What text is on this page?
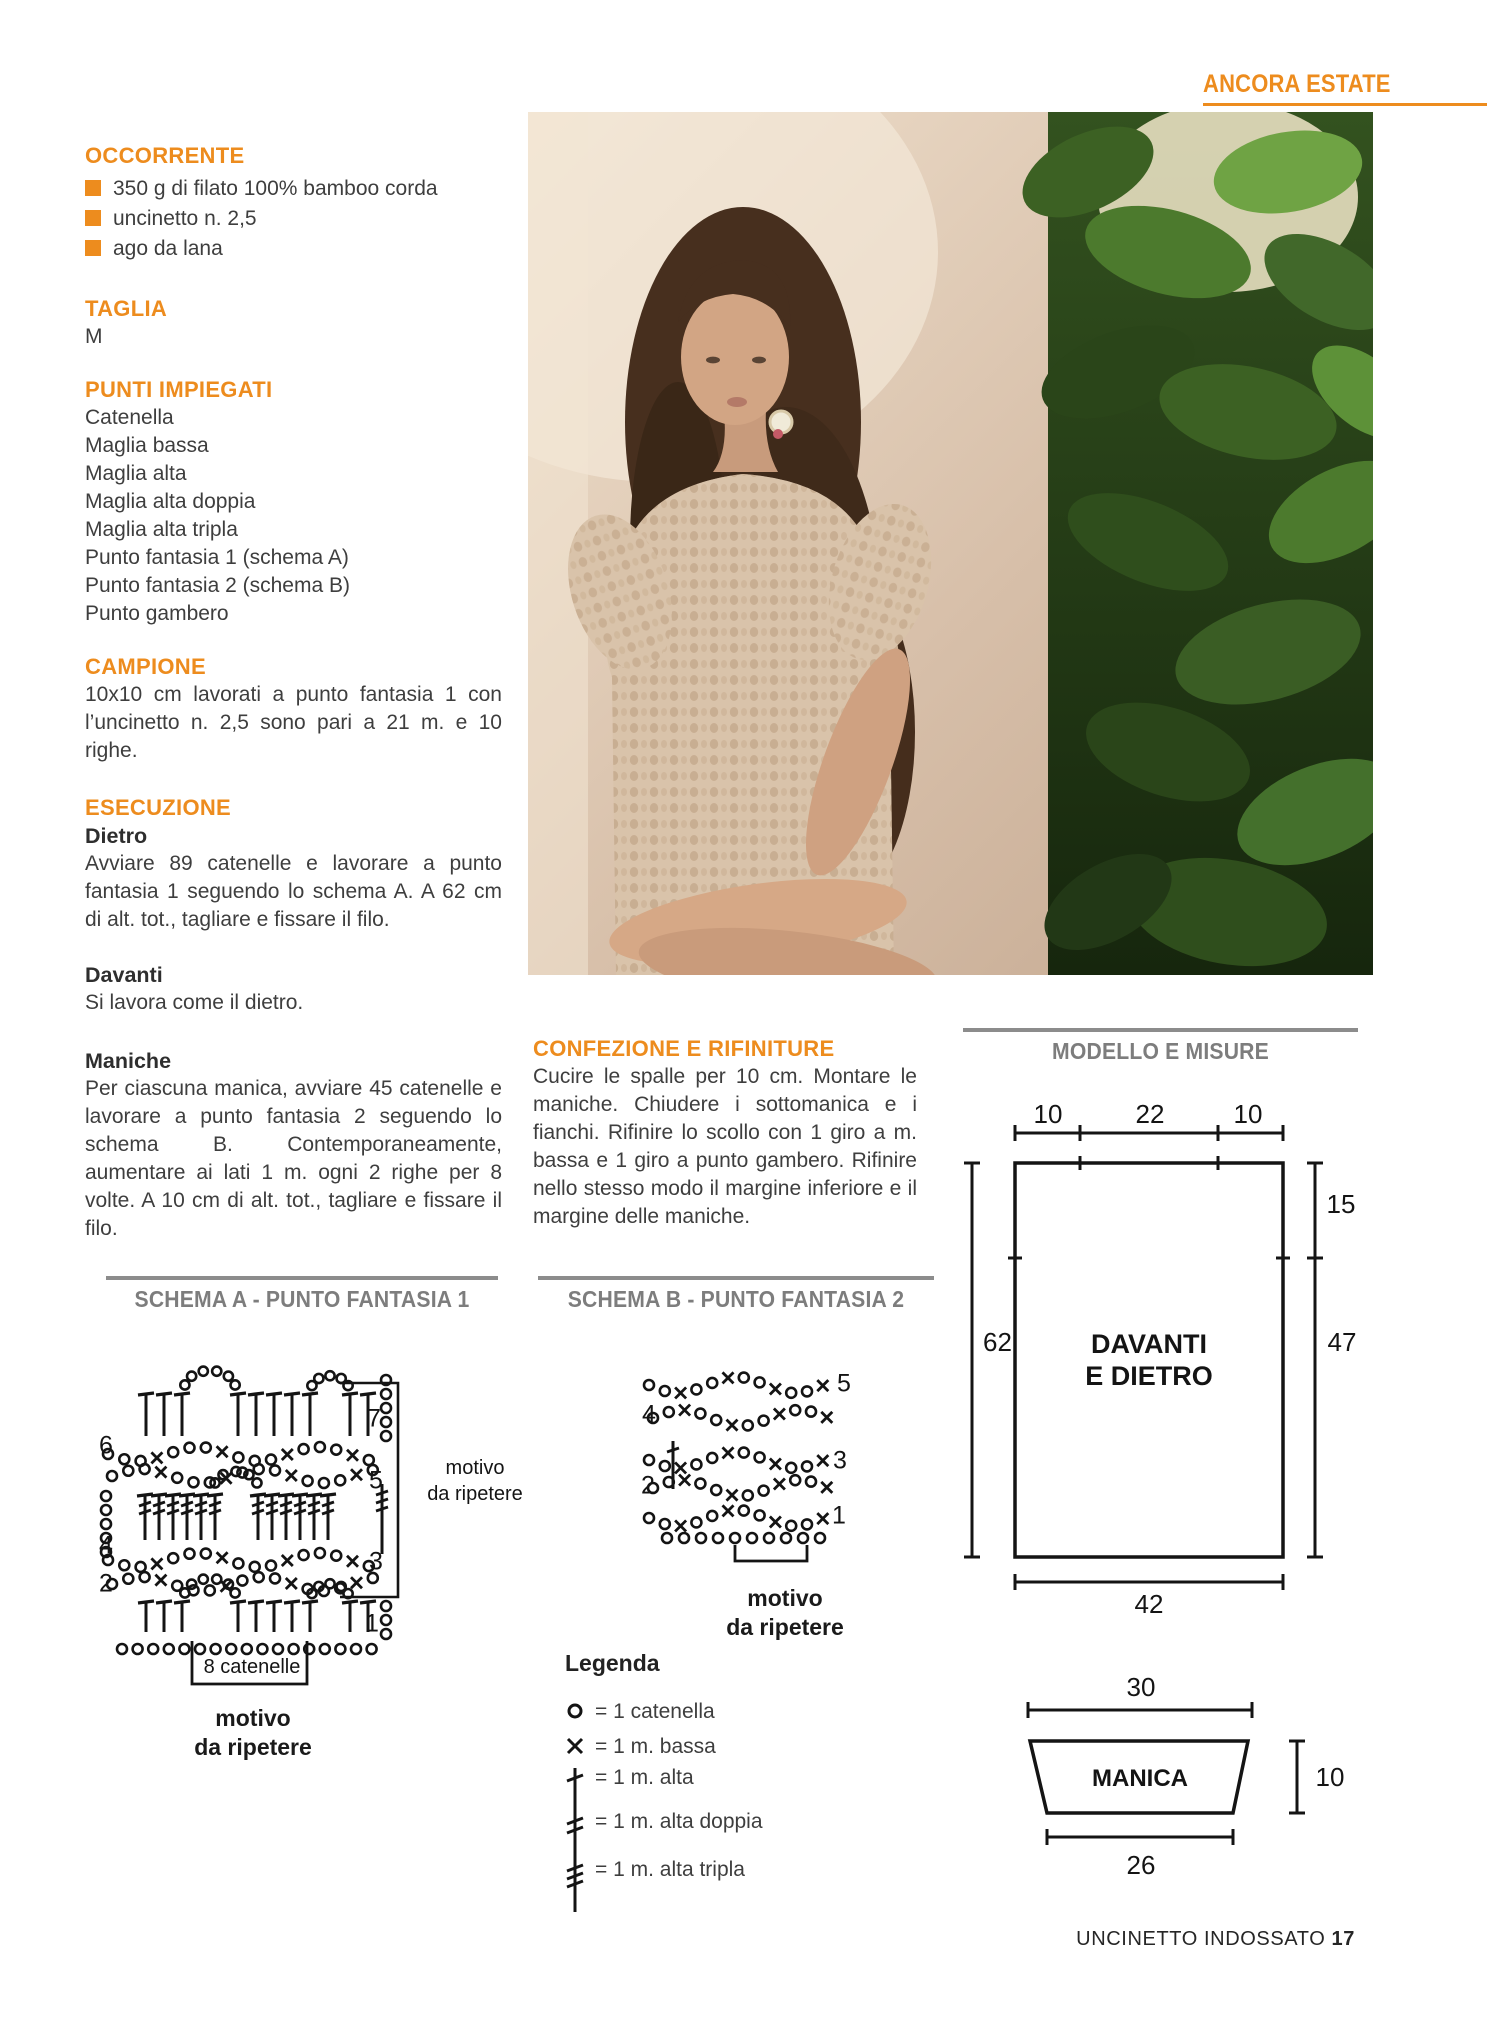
ANCORA ESTATE
OCCORRENTE
350 g di filato 100% bamboo corda
uncinetto n. 2,5
ago da lana
TAGLIA
M
PUNTI IMPIEGATI
Catenella
Maglia bassa
Maglia alta
Maglia alta doppia
Maglia alta tripla
Punto fantasia 1 (schema A)
Punto fantasia 2 (schema B)
Punto gambero
CAMPIONE

10x10 cm lavorati a punto fantasia 1 con l’uncinetto n. 2,5 sono pari a 21 m. e 10 righe.

ESECUZIONE
Dietro

Avviare 89 catenelle e lavorare a punto fantasia 1 seguendo lo schema A. A 62 cm di alt. tot., tagliare e fissare il filo.

Davanti

Si lavora come il dietro.

Maniche

Per ciascuna manica, avviare 45 catenelle e lavorare a punto fantasia 2 seguendo lo schema B. Contemporaneamente, aumentare ai lati 1 m. ogni 2 righe per 8 volte. A 10 cm di alt. tot., tagliare e fissare il filo.

CONFEZIONE E RIFINITURE

Cucire le spalle per 10 cm. Montare le maniche. Chiudere i sottomanica e i fianchi. Rifinire lo scollo con 1 giro a m. bassa e 1 giro a punto gambero. Rifinire nello stesso modo il margine inferiore e il margine delle maniche.

MODELLO E MISURE
10	22	10
62
15
47
42
DAVANTI
E DIETRO
30
MANICA	10
26
SCHEMA A - PUNTO FANTASIA 1
7
6
5
4
3
2
1
motivo
da ripetere
8 catenelle
motivo
da ripetere
SCHEMA B - PUNTO FANTASIA 2
5
4
3
2
1
motivo
da ripetere
Legenda
= 1 catenella
= 1 m. bassa
= 1 m. alta
= 1 m. alta doppia
= 1 m. alta tripla
UNCINETTO INDOSSATO 17
